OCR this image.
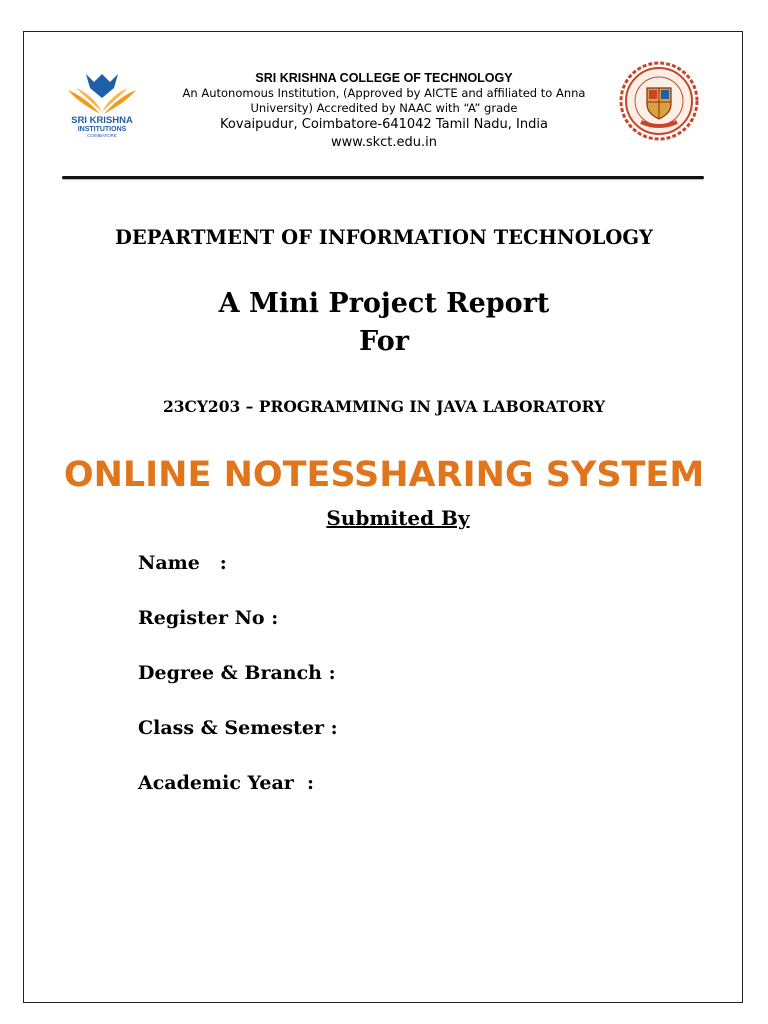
SRI KRISHNA
INSTITUTIONS
COIMBATORE
SRI KRISHNA COLLEGE OF TECHNOLOGY
An Autonomous Institution, (Approved by AICTE and affiliated to Anna
University) Accredited by NAAC with “A” grade
Kovaipudur, Coimbatore-641042 Tamil Nadu, India
www.skct.edu.in
DEPARTMENT OF INFORMATION TECHNOLOGY
A Mini Project Report
For
23CY203 – PROGRAMMING IN JAVA LABORATORY
ONLINE NOTESSHARING SYSTEM
Submited By
Name   :
Register No :
Degree & Branch :
Class & Semester :
Academic Year  :
